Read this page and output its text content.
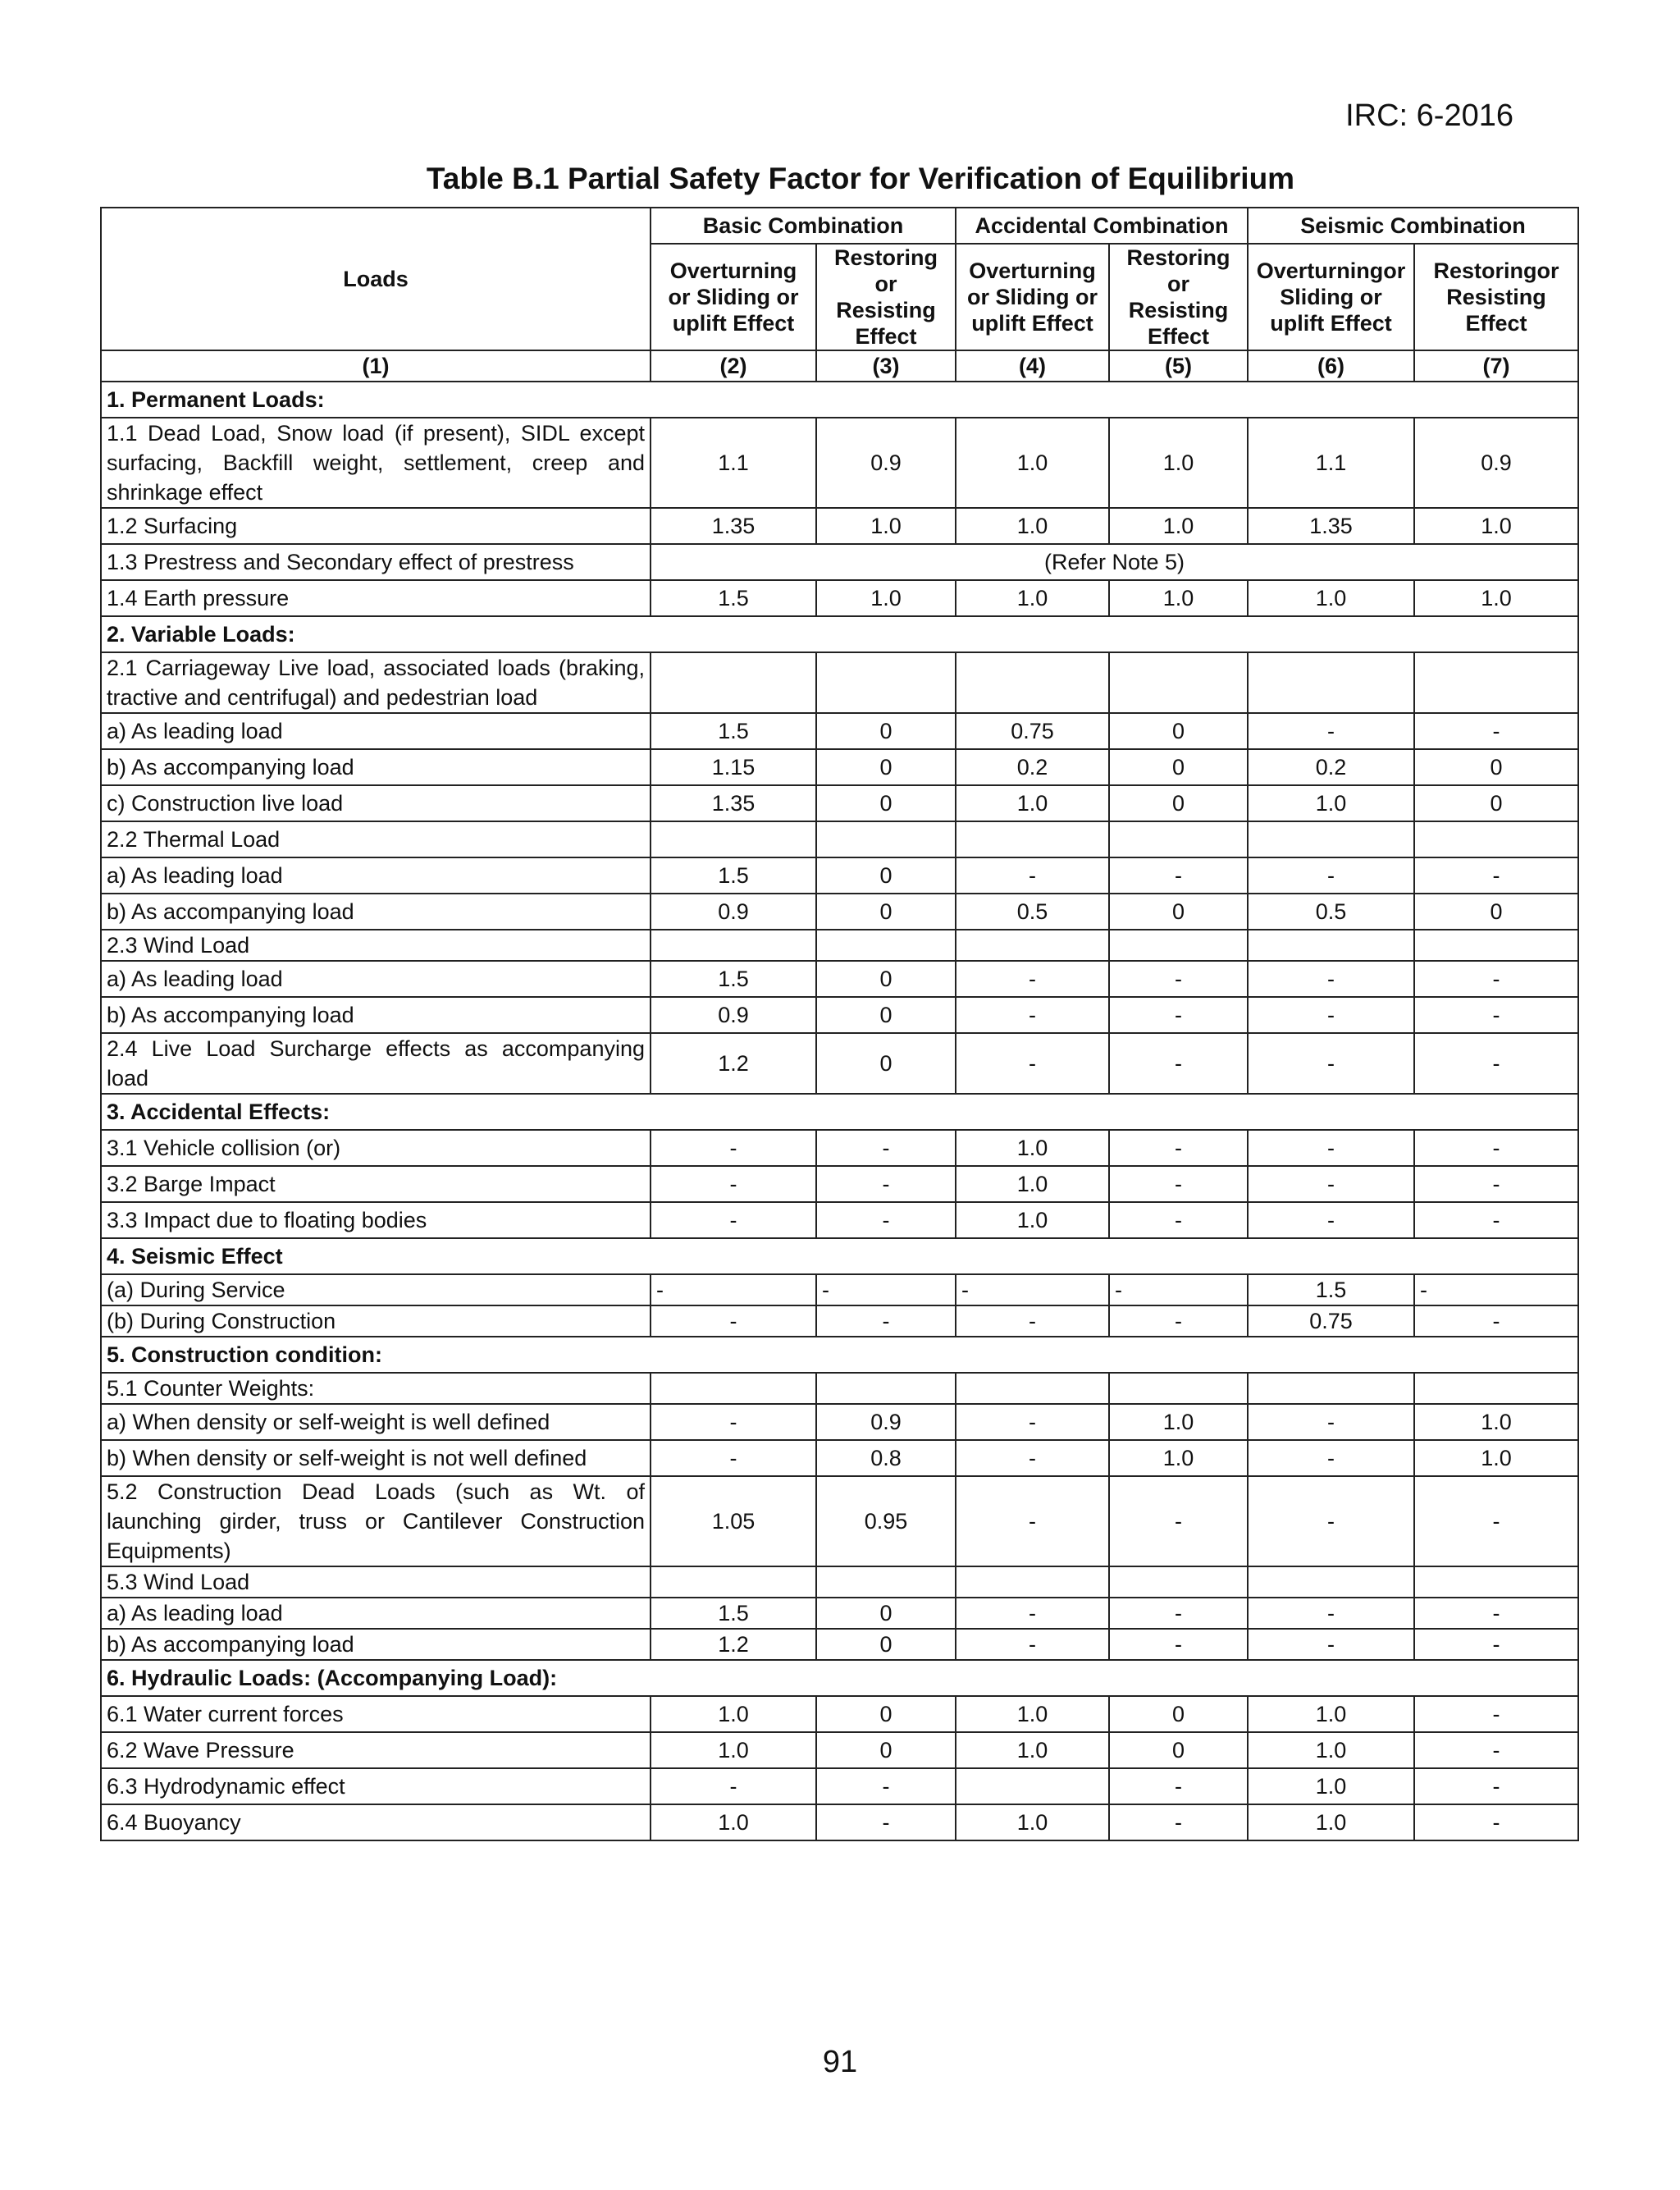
IRC: 6-2016
Table B.1 Partial Safety Factor for Verification of Equilibrium
Loads	Basic Combination		Accidental Combination		Seismic Combination	
	Overturning or Sliding or uplift Effect	Restoring or Resisting Effect	Overturning or Sliding or uplift Effect	Restoring or Resisting Effect	Overturningor Sliding or uplift Effect	Restoringor Resisting Effect
(1)	(2)	(3)	(4)	(5)	(6)	(7)
1. Permanent Loads:						
1.1 Dead Load, Snow load (if present), SIDL except surfacing, Backfill weight, settlement, creep and shrinkage effect	1.1	0.9	1.0	1.0	1.1	0.9
1.2 Surfacing	1.35	1.0	1.0	1.0	1.35	1.0
1.3 Prestress and Secondary effect of prestress	(Refer Note 5)					
1.4 Earth pressure	1.5	1.0	1.0	1.0	1.0	1.0
2. Variable Loads:						
2.1 Carriageway Live load, associated loads (braking, tractive and centrifugal) and pedestrian load						
a) As leading load	1.5	0	0.75	0	-	-
b) As accompanying load	1.15	0	0.2	0	0.2	0
c) Construction live load	1.35	0	1.0	0	1.0	0
2.2 Thermal Load						
a) As leading load	1.5	0	-	-	-	-
b) As accompanying load	0.9	0	0.5	0	0.5	0
2.3 Wind Load						
a) As leading load	1.5	0	-	-	-	-
b) As accompanying load	0.9	0	-	-	-	-
2.4 Live Load Surcharge effects as accompanying load	1.2	0	-	-	-	-
3. Accidental Effects:						
3.1 Vehicle collision (or)	-	-	1.0	-	-	-
3.2 Barge Impact	-	-	1.0	-	-	-
3.3 Impact due to floating bodies	-	-	1.0	-	-	-
4. Seismic Effect						
(a) During Service	-	-	-	-	1.5	-
(b) During Construction	-	-	-	-	0.75	-
5. Construction condition:						
5.1 Counter Weights:						
a) When density or self-weight is well defined	-	0.9	-	1.0	-	1.0
b) When density or self-weight is not well defined	-	0.8	-	1.0	-	1.0
5.2 Construction Dead Loads (such as Wt. of launching girder, truss or Cantilever Construction Equipments)	1.05	0.95	-	-	-	-
5.3 Wind Load						
a) As leading load	1.5	0	-	-	-	-
b) As accompanying load	1.2	0	-	-	-	-
6. Hydraulic Loads: (Accompanying Load):						
6.1 Water current forces	1.0	0	1.0	0	1.0	-
6.2 Wave Pressure	1.0	0	1.0	0	1.0	-
6.3 Hydrodynamic effect	-	-		-	1.0	-
6.4 Buoyancy	1.0	-	1.0	-	1.0	-
91
